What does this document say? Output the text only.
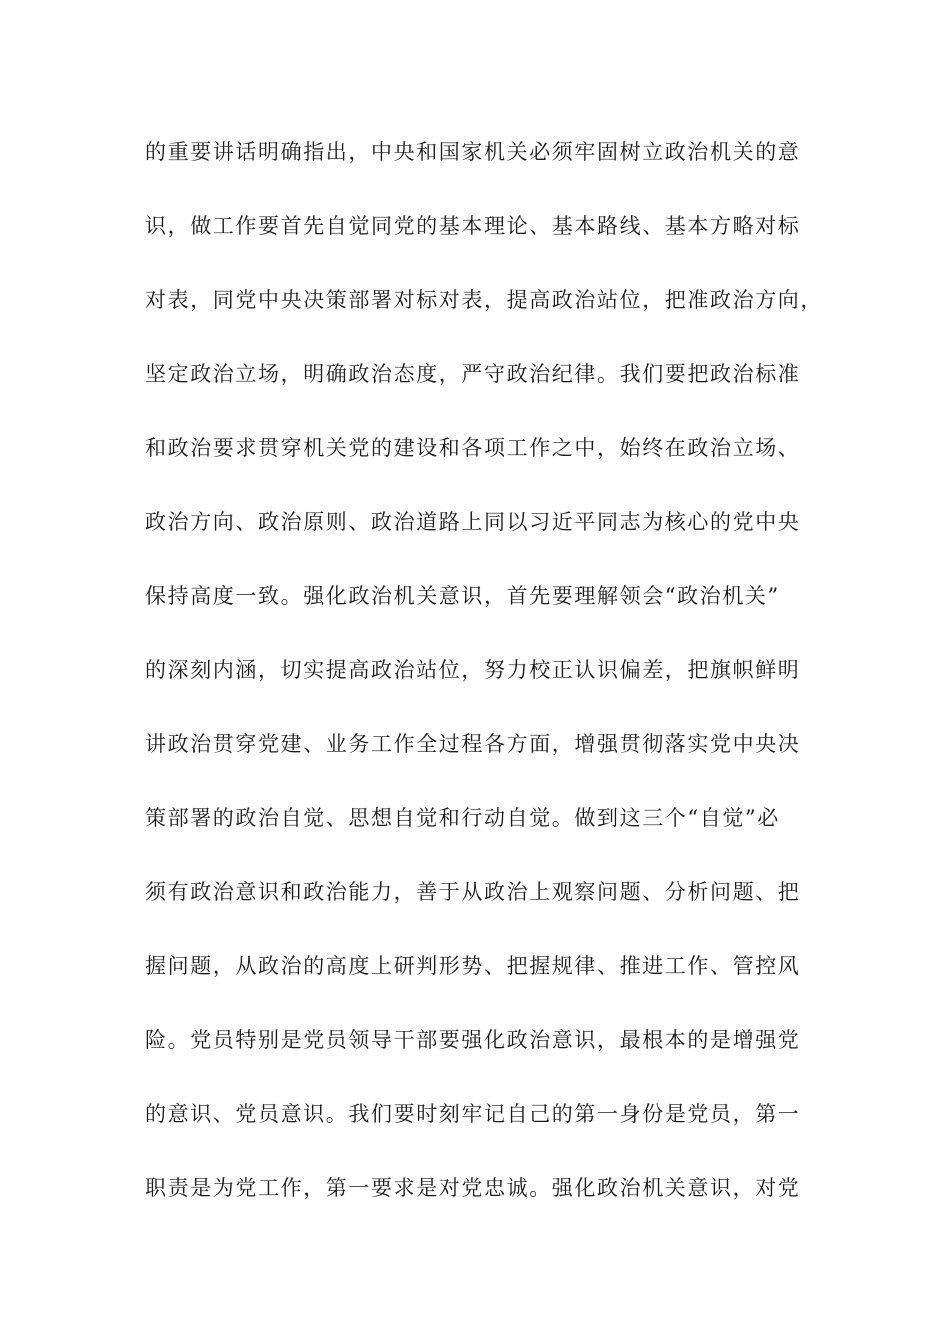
的重要讲话明确指出，中央和国家机关必须牢固树立政治机关的意
识，做工作要首先自觉同党的基本理论、基本路线、基本方略对标
对表，同党中央决策部署对标对表，提高政治站位，把准政治方向，
坚定政治立场，明确政治态度，严守政治纪律。我们要把政治标准
和政治要求贯穿机关党的建设和各项工作之中，始终在政治立场、
政治方向、政治原则、政治道路上同以习近平同志为核心的党中央
保持高度一致。强化政治机关意识，首先要理解领会“政治机关”
的深刻内涵，切实提高政治站位，努力校正认识偏差，把旗帜鲜明
讲政治贯穿党建、业务工作全过程各方面，增强贯彻落实党中央决
策部署的政治自觉、思想自觉和行动自觉。做到这三个“自觉”必
须有政治意识和政治能力，善于从政治上观察问题、分析问题、把
握问题，从政治的高度上研判形势、把握规律、推进工作、管控风
险。党员特别是党员领导干部要强化政治意识，最根本的是增强党
的意识、党员意识。我们要时刻牢记自己的第一身份是党员，第一
职责是为党工作，第一要求是对党忠诚。强化政治机关意识，对党
